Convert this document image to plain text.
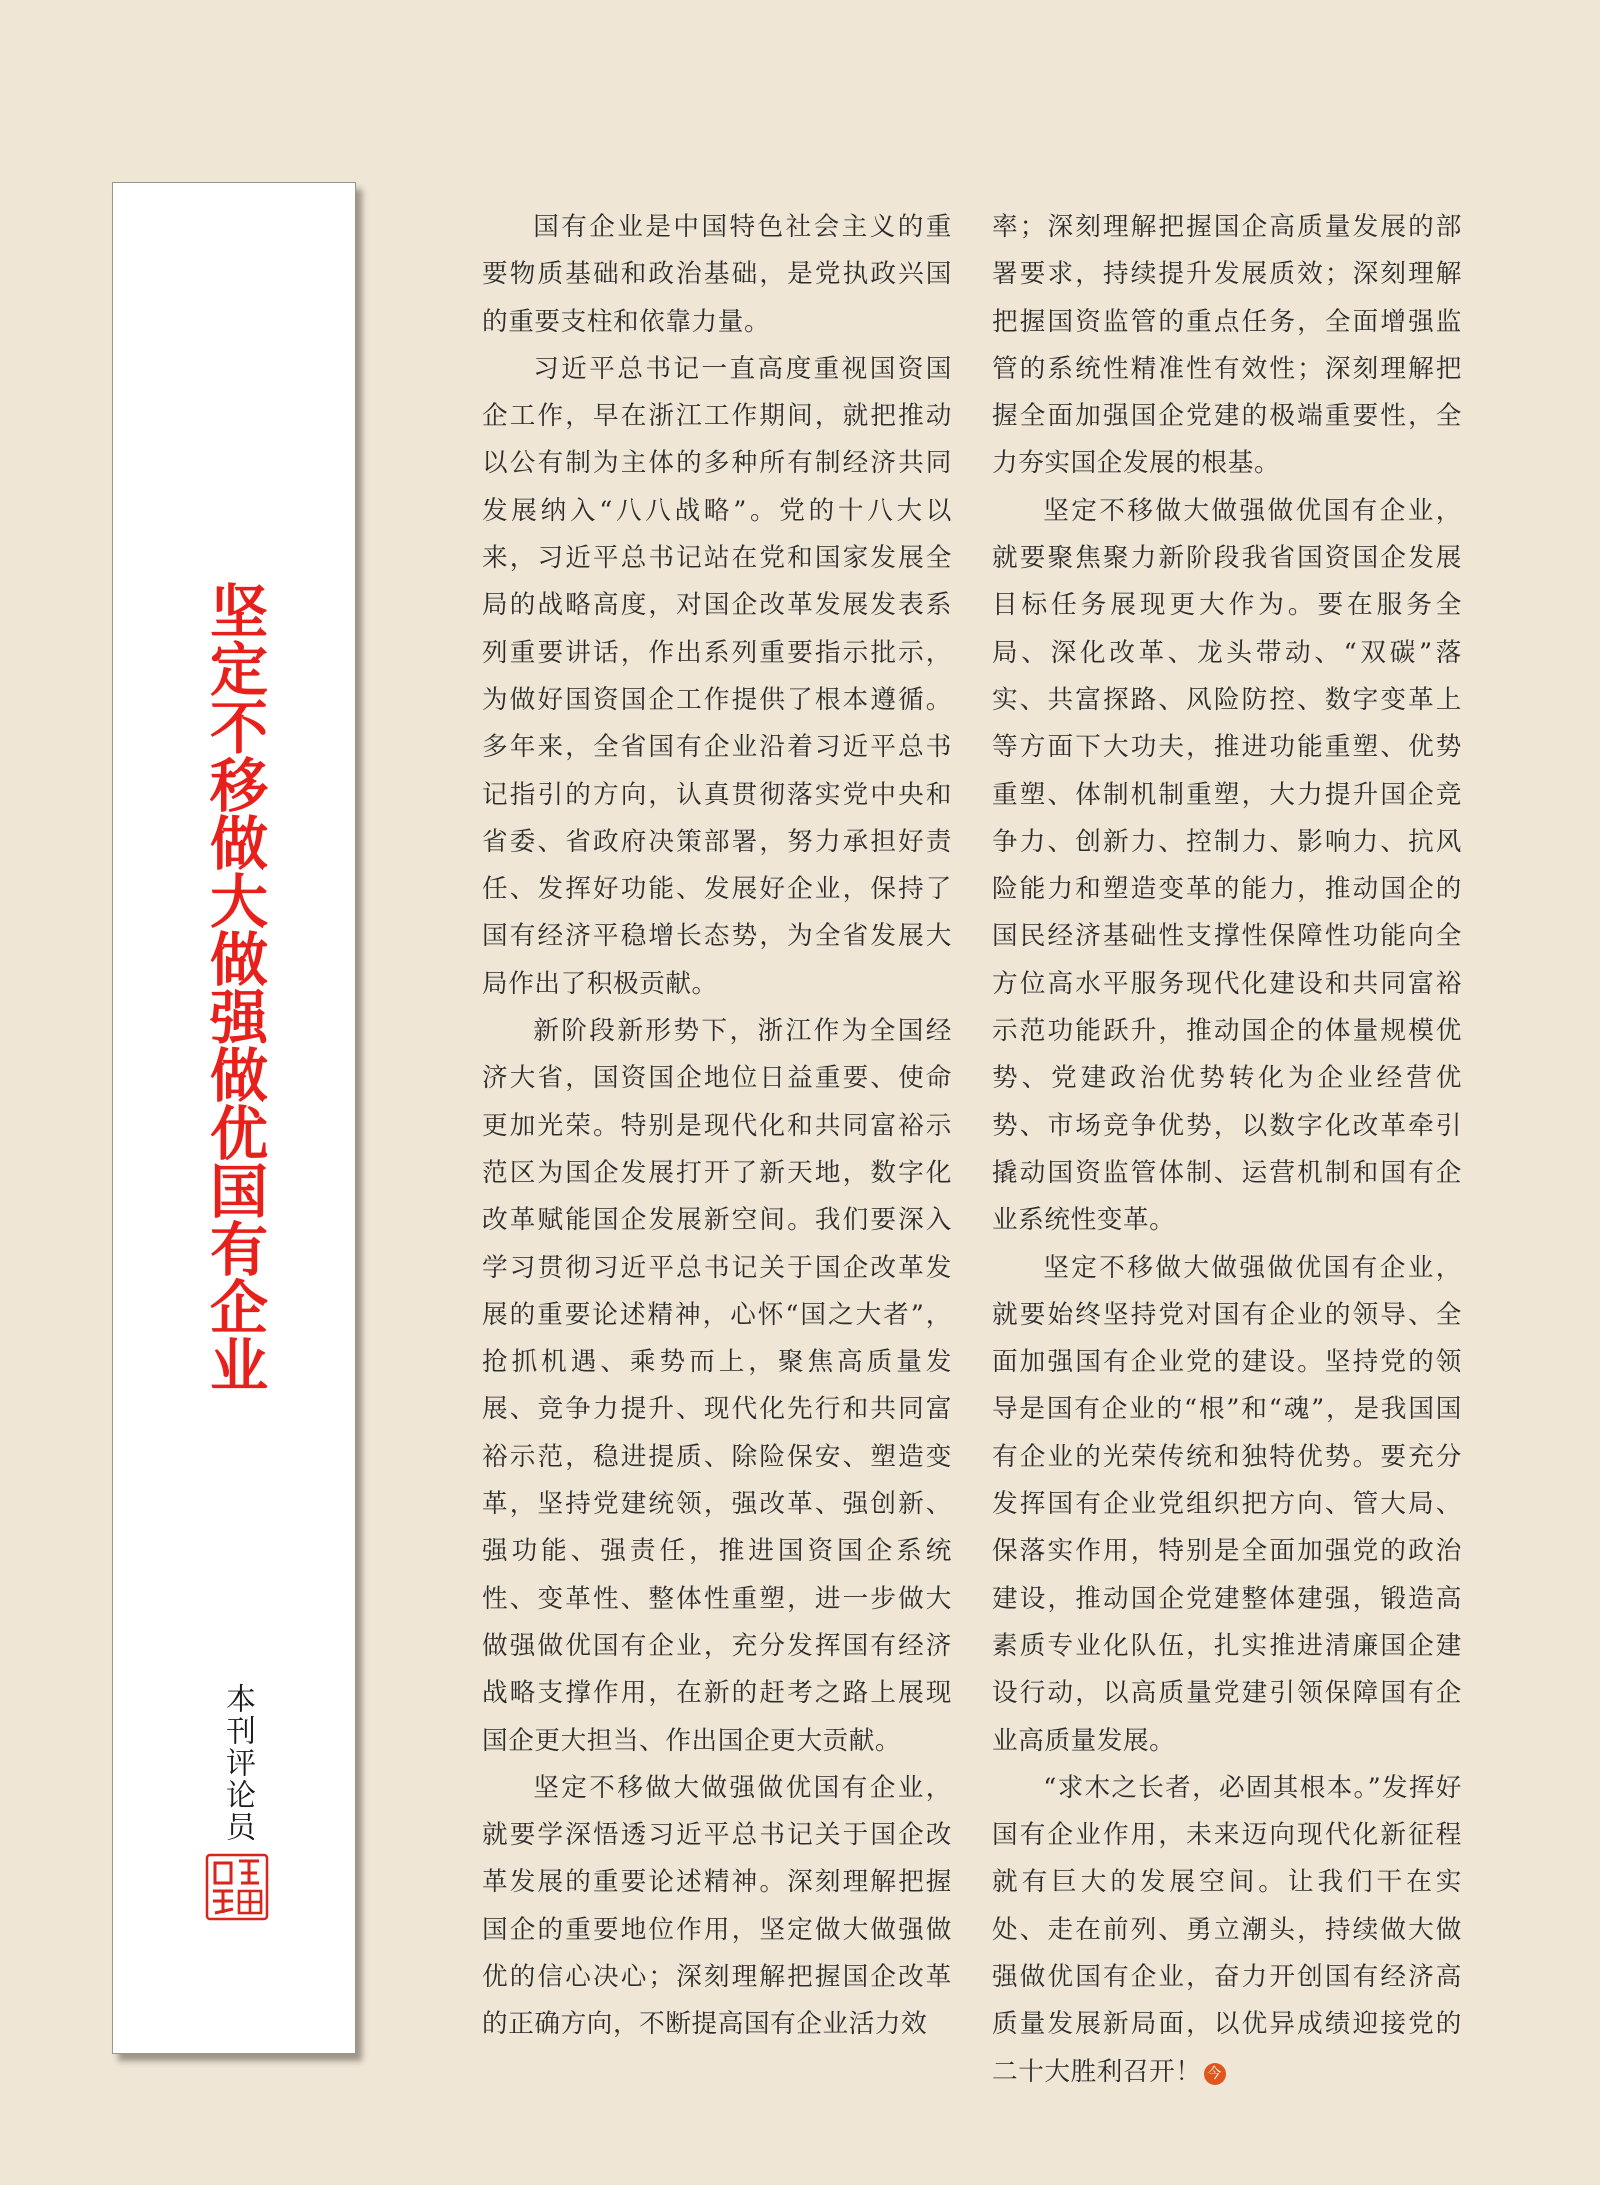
坚定不移做大做强做优国有企业
本刊评论员

国有企业是中国特色社会主义的重要物质基础和政治基础，是党执政兴国的重要支柱和依靠力量。

习近平总书记一直高度重视国资国企工作，早在浙江工作期间，就把推动以公有制为主体的多种所有制经济共同发展纳入“八八战略”。党的十八大以来，习近平总书记站在党和国家发展全局的战略高度，对国企改革发展发表系列重要讲话，作出系列重要指示批示，为做好国资国企工作提供了根本遵循。多年来，全省国有企业沿着习近平总书记指引的方向，认真贯彻落实党中央和省委、省政府决策部署，努力承担好责任、发挥好功能、发展好企业，保持了国有经济平稳增长态势，为全省发展大局作出了积极贡献。

新阶段新形势下，浙江作为全国经济大省，国资国企地位日益重要、使命更加光荣。特别是现代化和共同富裕示范区为国企发展打开了新天地，数字化改革赋能国企发展新空间。我们要深入学习贯彻习近平总书记关于国企改革发展的重要论述精神，心怀“国之大者”，抢抓机遇、乘势而上，聚焦高质量发展、竞争力提升、现代化先行和共同富裕示范，稳进提质、除险保安、塑造变革，坚持党建统领，强改革、强创新、强功能、强责任，推进国资国企系统性、变革性、整体性重塑，进一步做大做强做优国有企业，充分发挥国有经济战略支撑作用，在新的赶考之路上展现国企更大担当、作出国企更大贡献。

坚定不移做大做强做优国有企业，就要学深悟透习近平总书记关于国企改革发展的重要论述精神。深刻理解把握国企的重要地位作用，坚定做大做强做优的信心决心；深刻理解把握国企改革的正确方向，不断提高国有企业活力效

率；深刻理解把握国企高质量发展的部署要求，持续提升发展质效；深刻理解把握国资监管的重点任务，全面增强监管的系统性精准性有效性；深刻理解把握全面加强国企党建的极端重要性，全力夯实国企发展的根基。

坚定不移做大做强做优国有企业，就要聚焦聚力新阶段我省国资国企发展目标任务展现更大作为。要在服务全局、深化改革、龙头带动、“双碳”落实、共富探路、风险防控、数字变革上等方面下大功夫，推进功能重塑、优势重塑、体制机制重塑，大力提升国企竞争力、创新力、控制力、影响力、抗风险能力和塑造变革的能力，推动国企的国民经济基础性支撑性保障性功能向全方位高水平服务现代化建设和共同富裕示范功能跃升，推动国企的体量规模优势、党建政治优势转化为企业经营优势、市场竞争优势，以数字化改革牵引撬动国资监管体制、运营机制和国有企业系统性变革。

坚定不移做大做强做优国有企业，就要始终坚持党对国有企业的领导、全面加强国有企业党的建设。坚持党的领导是国有企业的“根”和“魂”，是我国国有企业的光荣传统和独特优势。要充分发挥国有企业党组织把方向、管大局、保落实作用，特别是全面加强党的政治建设，推动国企党建整体建强，锻造高素质专业化队伍，扎实推进清廉国企建设行动，以高质量党建引领保障国有企业高质量发展。

“求木之长者，必固其根本。”发挥好国有企业作用，未来迈向现代化新征程就有巨大的发展空间。让我们干在实处、走在前列、勇立潮头，持续做大做强做优国有企业，奋力开创国有经济高质量发展新局面，以优异成绩迎接党的二十大胜利召开！ 今
